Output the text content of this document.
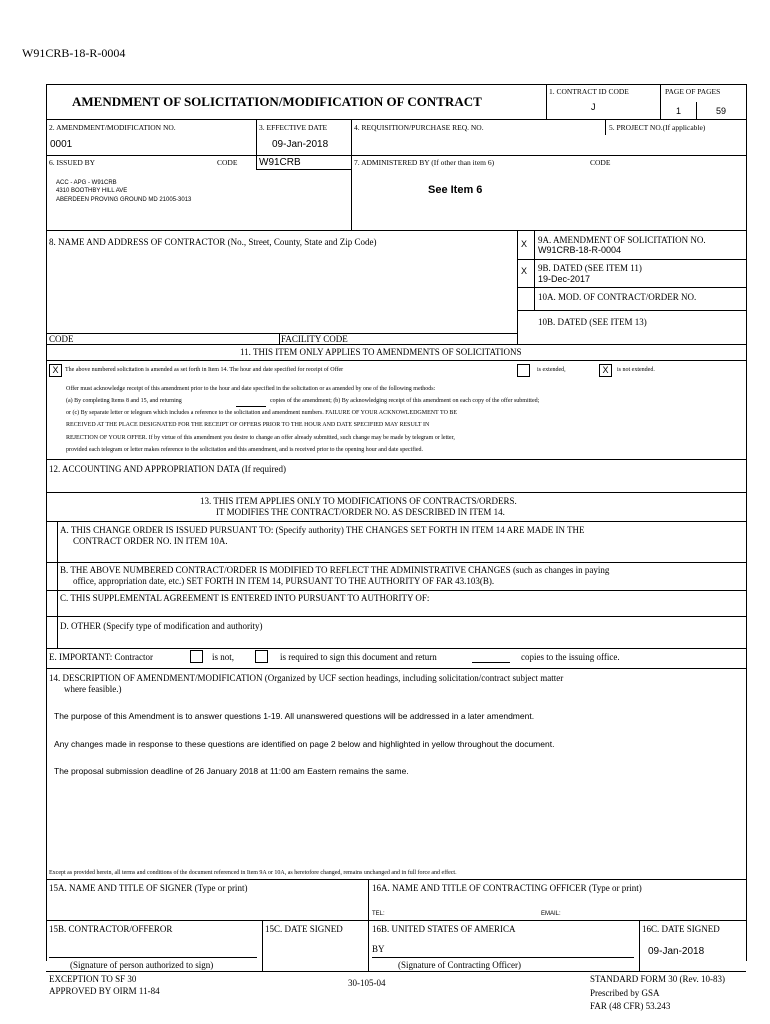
W91CRB-18-R-0004
AMENDMENT OF SOLICITATION/MODIFICATION OF CONTRACT
1. CONTRACT ID CODE
J
PAGE OF PAGES
1	59
2. AMENDMENT/MODIFICATION NO.
0001
3. EFFECTIVE DATE
09-Jan-2018
4. REQUISITION/PURCHASE REQ. NO.	5. PROJECT NO.(If applicable)
6. ISSUED BY	CODE W91CRB	7. ADMINISTERED BY (If other than item 6)	CODE
ACC - APG - W91CRB
4310 BOOTHBY HILL AVE
ABERDEEN PROVING GROUND MD 21005-3013
See Item 6
8. NAME AND ADDRESS OF CONTRACTOR (No., Street, County, State and Zip Code)	X 9A. AMENDMENT OF SOLICITATION NO.
W91CRB-18-R-0004
X 9B. DATED (SEE ITEM 11)
19-Dec-2017
10A. MOD. OF CONTRACT/ORDER NO.
10B. DATED (SEE ITEM 13)
CODE	FACILITY CODE
11. THIS ITEM ONLY APPLIES TO AMENDMENTS OF SOLICITATIONS
X	The above numbered solicitation is amended as set forth in Item 14. The hour and date specified for receipt of Offer	is extended,	X	is not extended.
Offer must acknowledge receipt of this amendment prior to the hour and date specified in the solicitation or as amended by one of the following methods:
(a) By completing Items 8 and 15, and returning	copies of the amendment; (b) By acknowledging receipt of this amendment on each copy of the offer submitted;
or (c) By separate letter or telegram which includes a reference to the solicitation and amendment numbers. FAILURE OF YOUR ACKNOWLEDGMENT TO BE
RECEIVED AT THE PLACE DESIGNATED FOR THE RECEIPT OF OFFERS PRIOR TO THE HOUR AND DATE SPECIFIED MAY RESULT IN
REJECTION OF YOUR OFFER. If by virtue of this amendment you desire to change an offer already submitted, such change may be made by telegram or letter,
provided each telegram or letter makes reference to the solicitation and this amendment, and is received prior to the opening hour and date specified.
12. ACCOUNTING AND APPROPRIATION DATA (If required)
13. THIS ITEM APPLIES ONLY TO MODIFICATIONS OF CONTRACTS/ORDERS.
IT MODIFIES THE CONTRACT/ORDER NO. AS DESCRIBED IN ITEM 14.
A. THIS CHANGE ORDER IS ISSUED PURSUANT TO: (Specify authority) THE CHANGES SET FORTH IN ITEM 14 ARE MADE IN THE
CONTRACT ORDER NO. IN ITEM 10A.
B. THE ABOVE NUMBERED CONTRACT/ORDER IS MODIFIED TO REFLECT THE ADMINISTRATIVE CHANGES (such as changes in paying
office, appropriation date, etc.) SET FORTH IN ITEM 14, PURSUANT TO THE AUTHORITY OF FAR 43.103(B).
C. THIS SUPPLEMENTAL AGREEMENT IS ENTERED INTO PURSUANT TO AUTHORITY OF:
D. OTHER (Specify type of modification and authority)
E. IMPORTANT: Contractor	is not,	is required to sign this document and return	copies to the issuing office.
14. DESCRIPTION OF AMENDMENT/MODIFICATION (Organized by UCF section headings, including solicitation/contract subject matter
where feasible.)
The purpose of this Amendment is to answer questions 1-19. All unanswered questions will be addressed in a later amendment.
Any changes made in response to these questions are identified on page 2 below and highlighted in yellow throughout the document.
The proposal submission deadline of 26 January 2018 at 11:00 am Eastern remains the same.
Except as provided herein, all terms and conditions of the document referenced in Item 9A or 10A, as heretofore changed, remains unchanged and in full force and effect.
15A. NAME AND TITLE OF SIGNER (Type or print)	16A. NAME AND TITLE OF CONTRACTING OFFICER (Type or print)
TEL:	EMAIL:
15B. CONTRACTOR/OFFEROR	15C. DATE SIGNED	16B. UNITED STATES OF AMERICA	16C. DATE SIGNED
BY	09-Jan-2018
(Signature of person authorized to sign)	(Signature of Contracting Officer)
EXCEPTION TO SF 30
APPROVED BY OIRM 11-84
30-105-04	STANDARD FORM 30 (Rev. 10-83)
Prescribed by GSA
FAR (48 CFR) 53.243
